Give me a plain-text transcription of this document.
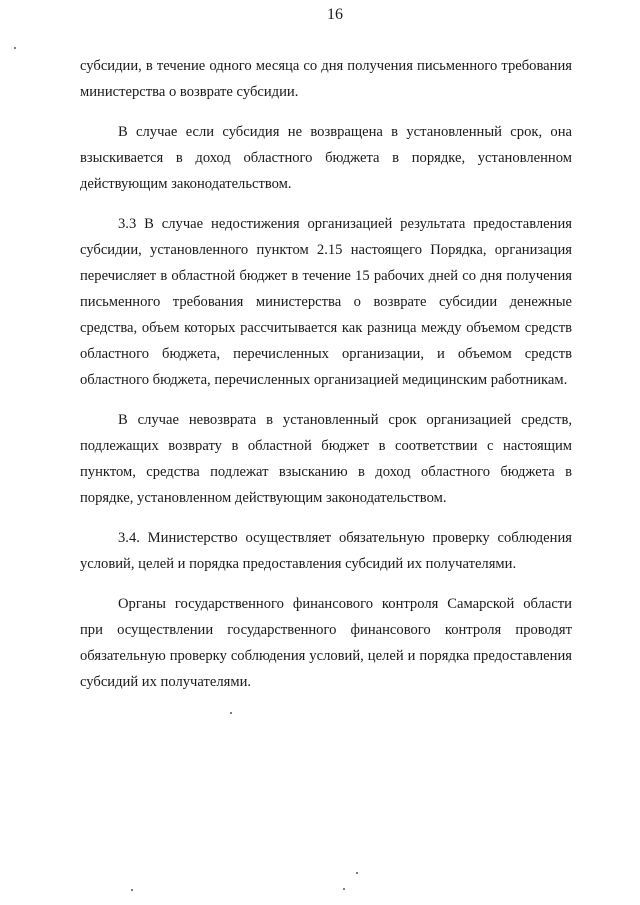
16

субсидии, в течение одного месяца со дня получения письменного требования министерства о возврате субсидии.

В случае если субсидия не возвращена в установленный срок, она взыскивается в доход областного бюджета в порядке, установленном действующим законодательством.

3.3 В случае недостижения организацией результата предоставления субсидии, установленного пунктом 2.15 настоящего Порядка, организация перечисляет в областной бюджет в течение 15 рабочих дней со дня получения письменного требования министерства о возврате субсидии денежные средства, объем которых рассчитывается как разница между объемом средств областного бюджета, перечисленных организации, и объемом средств областного бюджета, перечисленных организацией медицинским работникам.

В случае невозврата в установленный срок организацией средств, подлежащих возврату в областной бюджет в соответствии с настоящим пунктом, средства подлежат взысканию в доход областного бюджета в порядке, установленном действующим законодательством.

3.4. Министерство осуществляет обязательную проверку соблюдения условий, целей и порядка предоставления субсидий их получателями.

Органы государственного финансового контроля Самарской области при осуществлении государственного финансового контроля проводят обязательную проверку соблюдения условий, целей и порядка предоставления субсидий их получателями.
